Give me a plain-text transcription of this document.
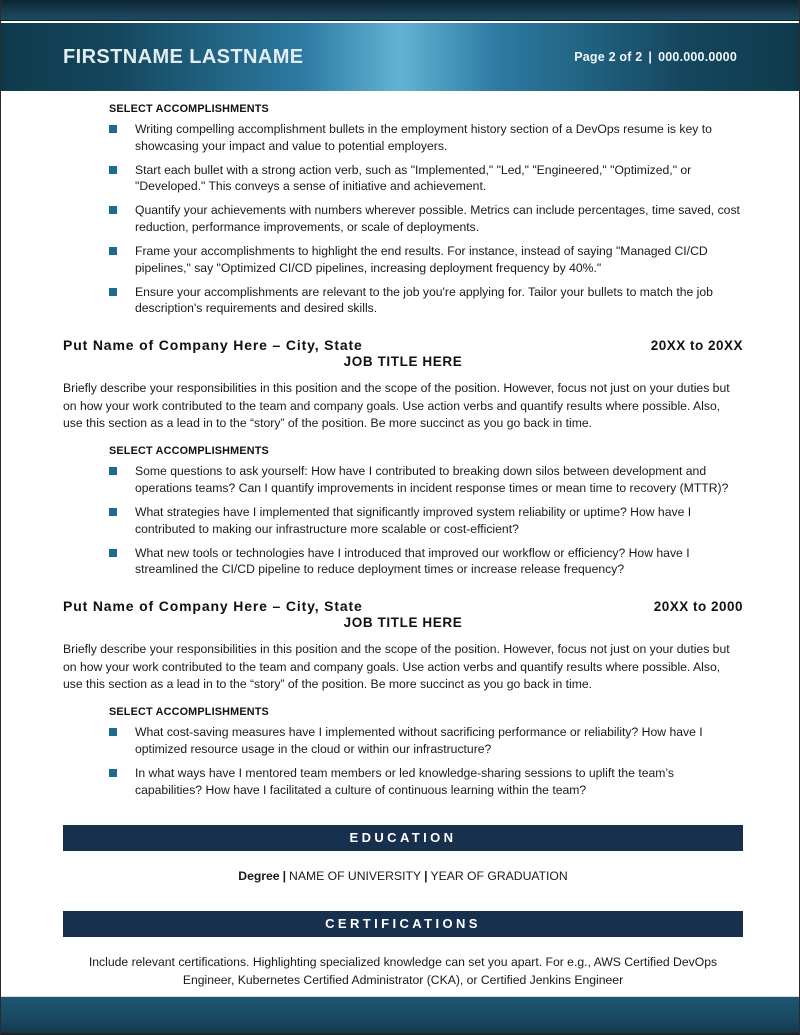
FIRSTNAME LASTNAME	Page 2 of 2 | 000.000.0000
SELECT ACCOMPLISHMENTS
Writing compelling accomplishment bullets in the employment history section of a DevOps resume is key to showcasing your impact and value to potential employers.
Start each bullet with a strong action verb, such as "Implemented," "Led," "Engineered," "Optimized," or "Developed." This conveys a sense of initiative and achievement.
Quantify your achievements with numbers wherever possible. Metrics can include percentages, time saved, cost reduction, performance improvements, or scale of deployments.
Frame your accomplishments to highlight the end results. For instance, instead of saying "Managed CI/CD pipelines," say "Optimized CI/CD pipelines, increasing deployment frequency by 40%."
Ensure your accomplishments are relevant to the job you're applying for. Tailor your bullets to match the job description's requirements and desired skills.
Put Name of Company Here – City, State	20XX to 20XX
JOB TITLE HERE

Briefly describe your responsibilities in this position and the scope of the position. However, focus not just on your duties but on how your work contributed to the team and company goals. Use action verbs and quantify results where possible. Also, use this section as a lead in to the “story” of the position. Be more succinct as you go back in time.

SELECT ACCOMPLISHMENTS
Some questions to ask yourself: How have I contributed to breaking down silos between development and operations teams? Can I quantify improvements in incident response times or mean time to recovery (MTTR)?
What strategies have I implemented that significantly improved system reliability or uptime? How have I contributed to making our infrastructure more scalable or cost-efficient?
What new tools or technologies have I introduced that improved our workflow or efficiency? How have I streamlined the CI/CD pipeline to reduce deployment times or increase release frequency?
Put Name of Company Here – City, State	20XX to 2000
JOB TITLE HERE

Briefly describe your responsibilities in this position and the scope of the position. However, focus not just on your duties but on how your work contributed to the team and company goals. Use action verbs and quantify results where possible. Also, use this section as a lead in to the “story” of the position. Be more succinct as you go back in time.

SELECT ACCOMPLISHMENTS
What cost-saving measures have I implemented without sacrificing performance or reliability? How have I optimized resource usage in the cloud or within our infrastructure?
In what ways have I mentored team members or led knowledge-sharing sessions to uplift the team’s capabilities? How have I facilitated a culture of continuous learning within the team?
EDUCATION
Degree | NAME OF UNIVERSITY | YEAR OF GRADUATION
CERTIFICATIONS
Include relevant certifications. Highlighting specialized knowledge can set you apart. For e.g., AWS Certified DevOps Engineer, Kubernetes Certified Administrator (CKA), or Certified Jenkins Engineer
